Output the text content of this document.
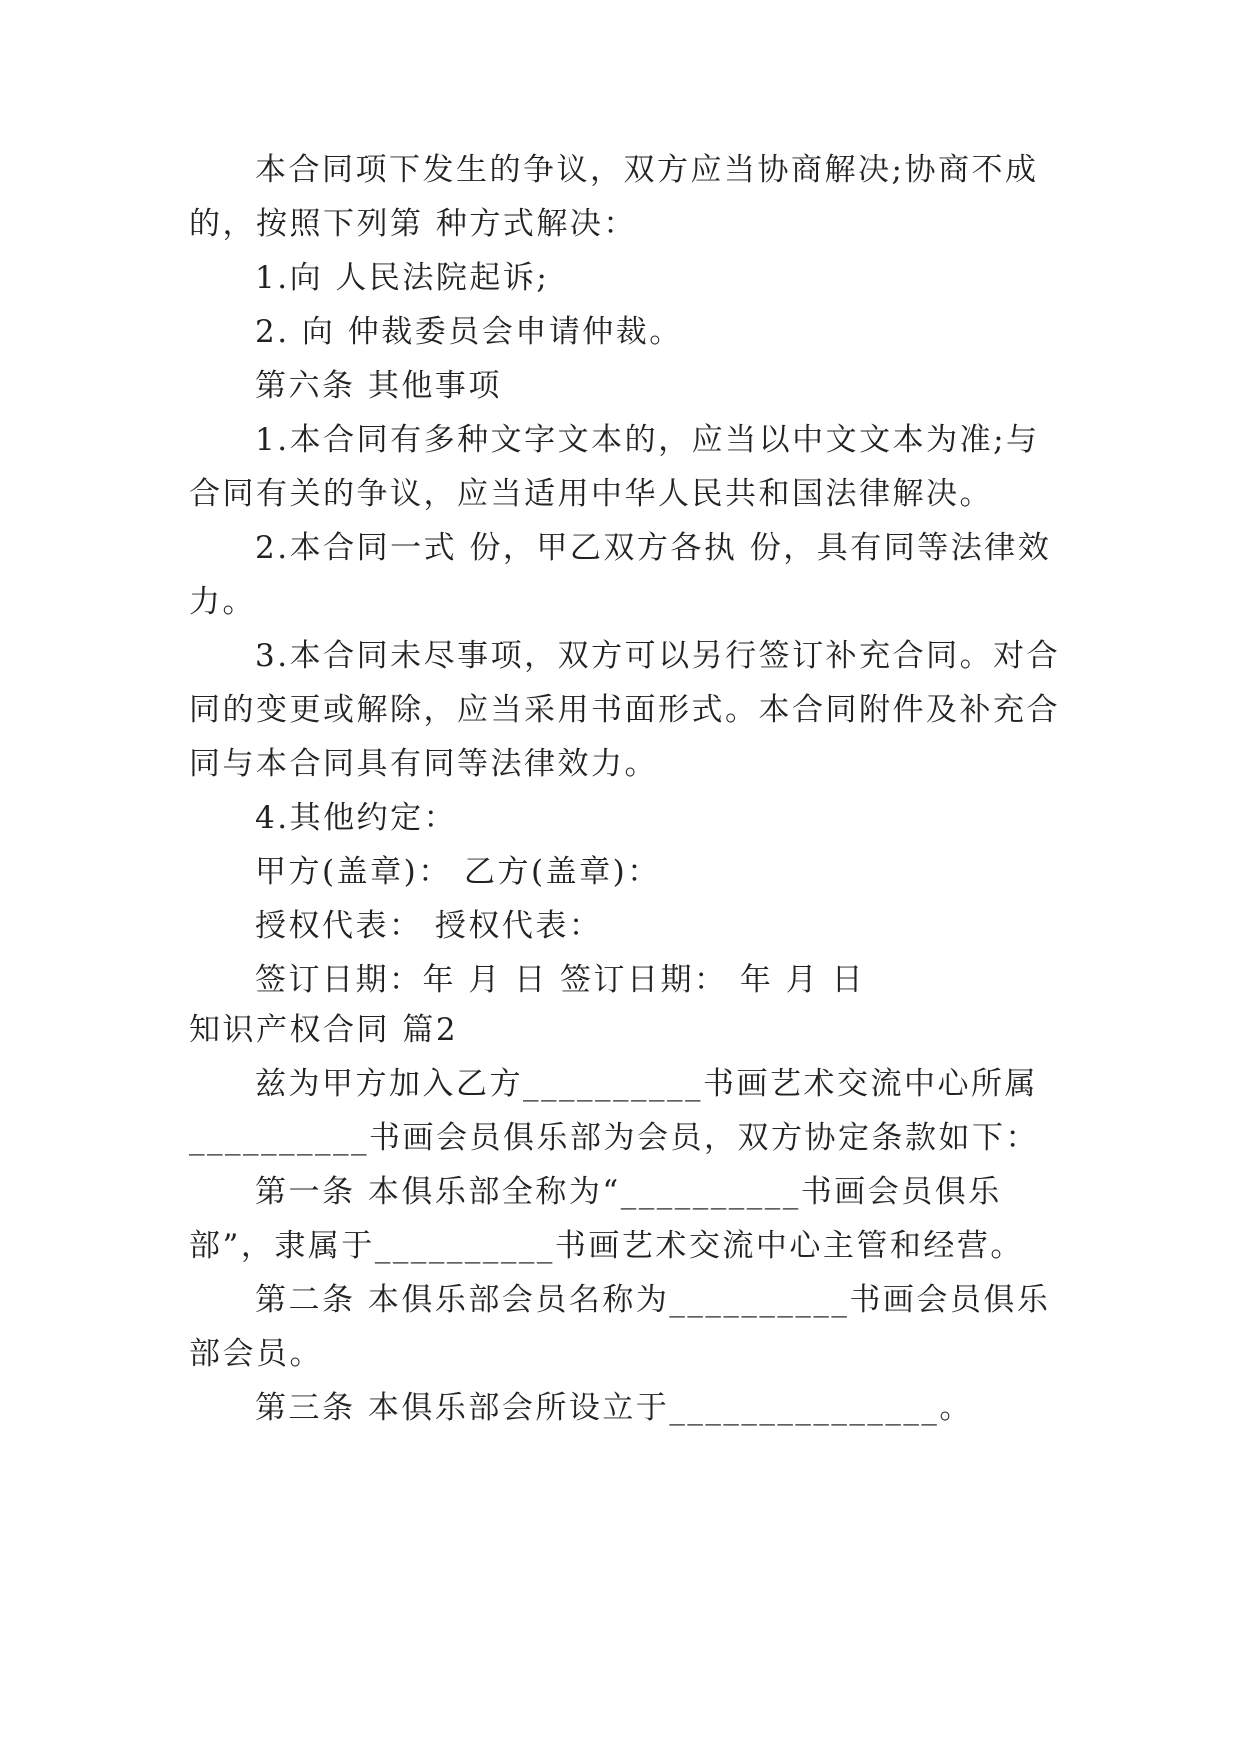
本合同项下发生的争议，双方应当协商解决;协商不成
的，按照下列第 种方式解决：
1.向 人民法院起诉;
2. 向 仲裁委员会申请仲裁。
第六条 其他事项
1.本合同有多种文字文本的，应当以中文文本为准;与
合同有关的争议，应当适用中华人民共和国法律解决。
2.本合同一式 份，甲乙双方各执 份，具有同等法律效
力。
3.本合同未尽事项，双方可以另行签订补充合同。对合
同的变更或解除，应当采用书面形式。本合同附件及补充合
同与本合同具有同等法律效力。
4.其他约定：
甲方(盖章)： 乙方(盖章)：
授权代表： 授权代表：
签订日期：年 月 日 签订日期： 年 月 日
知识产权合同 篇2
兹为甲方加入乙方__________书画艺术交流中心所属
__________书画会员俱乐部为会员，双方协定条款如下：
第一条 本俱乐部全称为“__________书画会员俱乐
部”，隶属于__________书画艺术交流中心主管和经营。
第二条 本俱乐部会员名称为__________书画会员俱乐
部会员。
第三条 本俱乐部会所设立于_______________。
